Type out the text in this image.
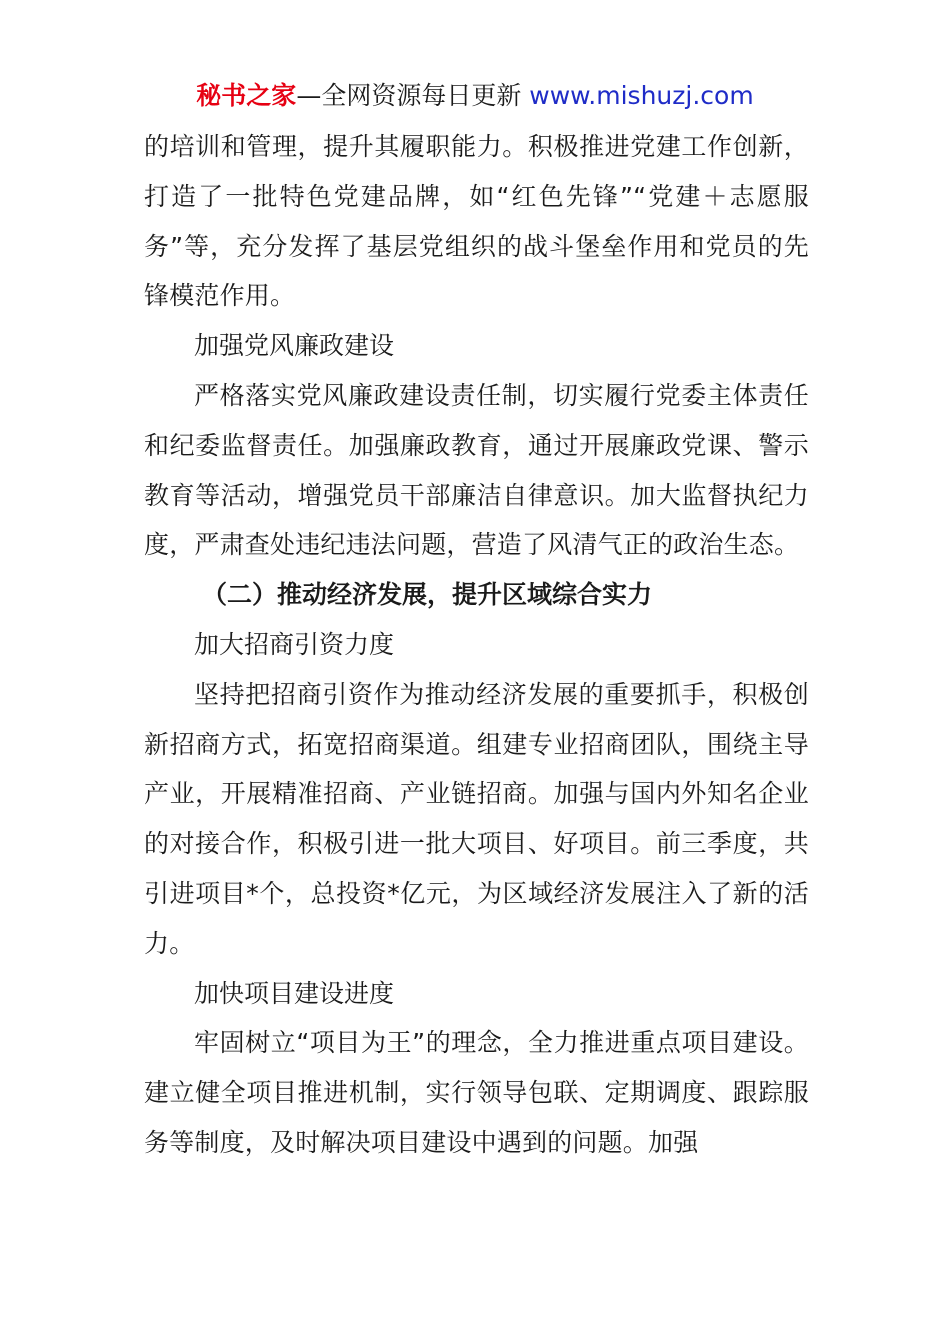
秘书之家—全网资源每日更新 www.mishuzj.com

的培训和管理，提升其履职能力。积极推进党建工作创新，打造了一批特色党建品牌，如“红色先锋”“党建＋志愿服务”等，充分发挥了基层党组织的战斗堡垒作用和党员的先锋模范作用。

加强党风廉政建设

严格落实党风廉政建设责任制，切实履行党委主体责任和纪委监督责任。加强廉政教育，通过开展廉政党课、警示教育等活动，增强党员干部廉洁自律意识。加大监督执纪力度，严肃查处违纪违法问题，营造了风清气正的政治生态。

（二）推动经济发展，提升区域综合实力

加大招商引资力度

坚持把招商引资作为推动经济发展的重要抓手，积极创新招商方式，拓宽招商渠道。组建专业招商团队，围绕主导产业，开展精准招商、产业链招商。加强与国内外知名企业的对接合作，积极引进一批大项目、好项目。前三季度，共引进项目*个，总投资*亿元，为区域经济发展注入了新的活力。

加快项目建设进度

牢固树立“项目为王”的理念，全力推进重点项目建设。建立健全项目推进机制，实行领导包联、定期调度、跟踪服务等制度，及时解决项目建设中遇到的问题。加强
